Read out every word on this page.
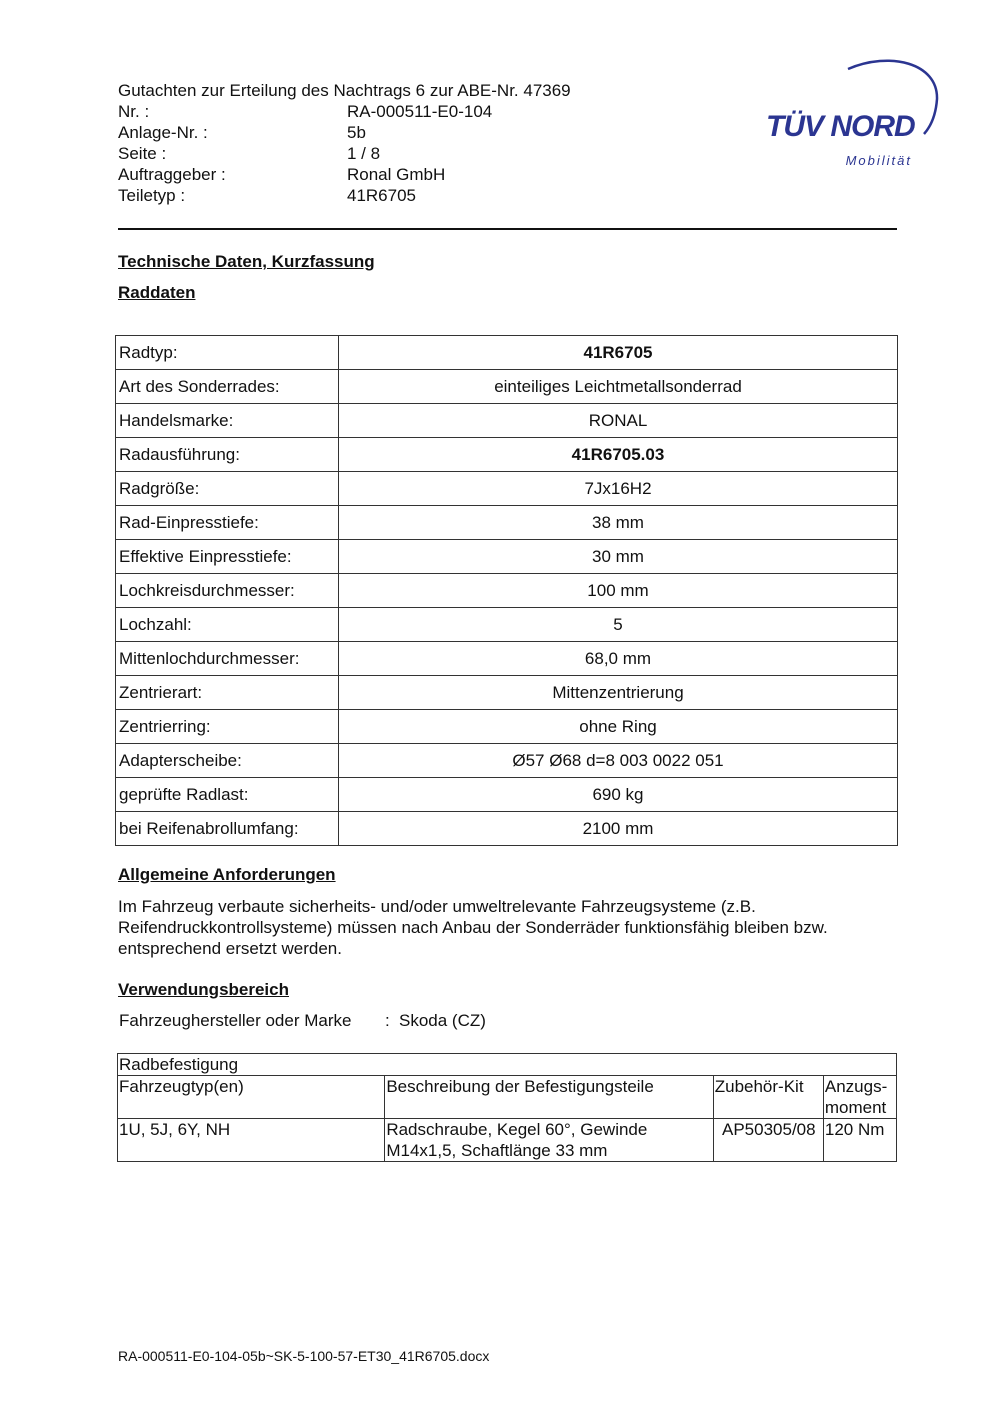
Gutachten zur Erteilung des Nachtrags 6 zur ABE-Nr. 47369
Nr. :	RA-000511-E0-104
Anlage-Nr. :	5b
Seite :	1 / 8
Auftraggeber :	Ronal GmbH
Teiletyp :	41R6705
TÜV NORD
Mobilität
Technische Daten, Kurzfassung
Raddaten
Radtyp:	41R6705
Art des Sonderrades:	einteiliges Leichtmetallsonderrad
Handelsmarke:	RONAL
Radausführung:	41R6705.03
Radgröße:	7Jx16H2
Rad-Einpresstiefe:	38 mm
Effektive Einpresstiefe:	30 mm
Lochkreisdurchmesser:	100 mm
Lochzahl:	5
Mittenlochdurchmesser:	68,0 mm
Zentrierart:	Mittenzentrierung
Zentrierring:	ohne Ring
Adapterscheibe:	Ø57 Ø68 d=8 003 0022 051
geprüfte Radlast:	690 kg
bei Reifenabrollumfang:	2100 mm
Allgemeine Anforderungen
Im Fahrzeug verbaute sicherheits- und/oder umweltrelevante Fahrzeugsysteme (z.B. Reifendruckkontrollsysteme) müssen nach Anbau der Sonderräder funktionsfähig bleiben bzw. entsprechend ersetzt werden.
Verwendungsbereich
Fahrzeughersteller oder Marke : Skoda (CZ)
Radbefestigung			
Fahrzeugtyp(en)	Beschreibung der Befestigungsteile	Zubehör-Kit	Anzugs-moment
1U, 5J, 6Y, NH	Radschraube, Kegel 60°, Gewinde M14x1,5, Schaftlänge 33 mm	AP50305/08	120 Nm
RA-000511-E0-104-05b~SK-5-100-57-ET30_41R6705.docx
